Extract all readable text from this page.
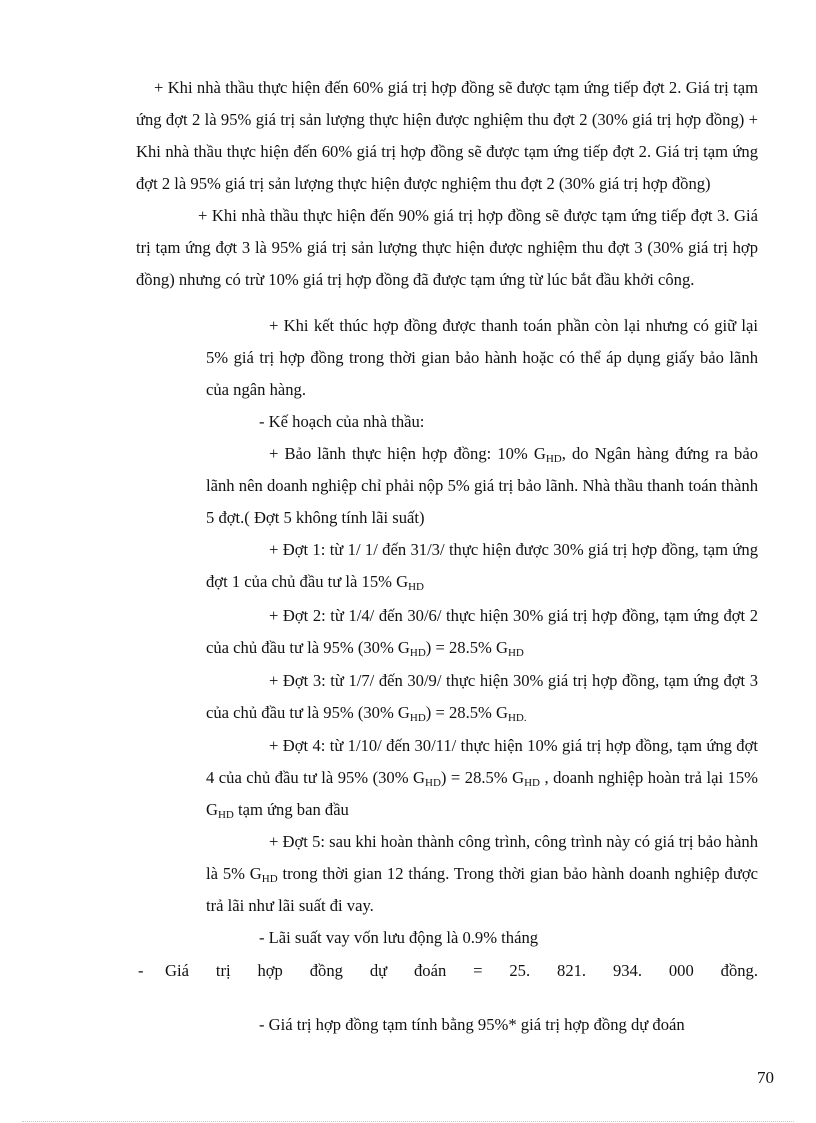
+ Khi nhà thầu thực hiện đến 60% giá trị hợp đồng sẽ được tạm ứng tiếp đợt 2. Giá trị tạm ứng đợt 2 là 95% giá trị sản lượng thực hiện được nghiệm thu đợt 2 (30% giá trị hợp đồng) + Khi nhà thầu thực hiện đến 60% giá trị hợp đồng sẽ được tạm ứng tiếp đợt 2. Giá trị tạm ứng đợt 2 là 95% giá trị sản lượng thực hiện được nghiệm thu đợt 2 (30% giá trị hợp đồng)

+ Khi nhà thầu thực hiện đến 90% giá trị hợp đồng sẽ được tạm ứng tiếp đợt 3. Giá trị tạm ứng đợt 3 là 95% giá trị sản lượng thực hiện được nghiệm thu đợt 3 (30% giá trị hợp đồng) nhưng có trừ 10% giá trị hợp đồng đã được tạm ứng từ lúc bắt đầu khởi công.

+ Khi kết thúc hợp đồng được thanh toán phần còn lại nhưng có giữ lại 5% giá trị hợp đồng trong thời gian bảo hành hoặc có thể áp dụng giấy bảo lãnh của ngân hàng.

- Kế hoạch của nhà thầu:

+ Bảo lãnh thực hiện hợp đồng: 10% $G_{HD}$, do Ngân hàng đứng ra bảo lãnh nên doanh nghiệp chỉ phải nộp 5% giá trị bảo lãnh. Nhà thầu thanh toán thành 5 đợt.( Đợt 5 không tính lãi suất)

+ Đợt 1: từ 1/ 1/ đến 31/3/ thực hiện được 30% giá trị hợp đồng, tạm ứng đợt 1 của chủ đầu tư là 15% $G_{HD}$

+ Đợt 2: từ 1/4/ đến 30/6/ thực hiện 30% giá trị hợp đồng, tạm ứng đợt 2 của chủ đầu tư là 95% (30% $G_{HD}) = 28.5\%$ $G_{HD}$

+ Đợt 3: từ 1/7/ đến 30/9/ thực hiện 30% giá trị hợp đồng, tạm ứng đợt 3 của chủ đầu tư là 95% (30% $G_{HD}) = 28.5\%$ $G_{HD.}$

+ Đợt 4: từ 1/10/ đến 30/11/ thực hiện 10% giá trị hợp đồng, tạm ứng đợt 4 của chủ đầu tư là 95% (30% $G_{HD}) = 28.5\%$ $G_{HD}$ , doanh nghiệp hoàn trả lại 15% $G_{HD}$ tạm ứng ban đầu

+ Đợt 5: sau khi hoàn thành công trình, công trình này có giá trị bảo hành là 5% $G_{HD}$ trong thời gian 12 tháng. Trong thời gian bảo hành doanh nghiệp được trả lãi như lãi suất đi vay.

- Lãi suất vay vốn lưu động là 0.9% tháng

- Giá trị hợp đồng dự đoán = 25. 821. 934. 000 đồng.

- Giá trị hợp đồng tạm tính bằng 95%* giá trị hợp đồng dự đoán

70
